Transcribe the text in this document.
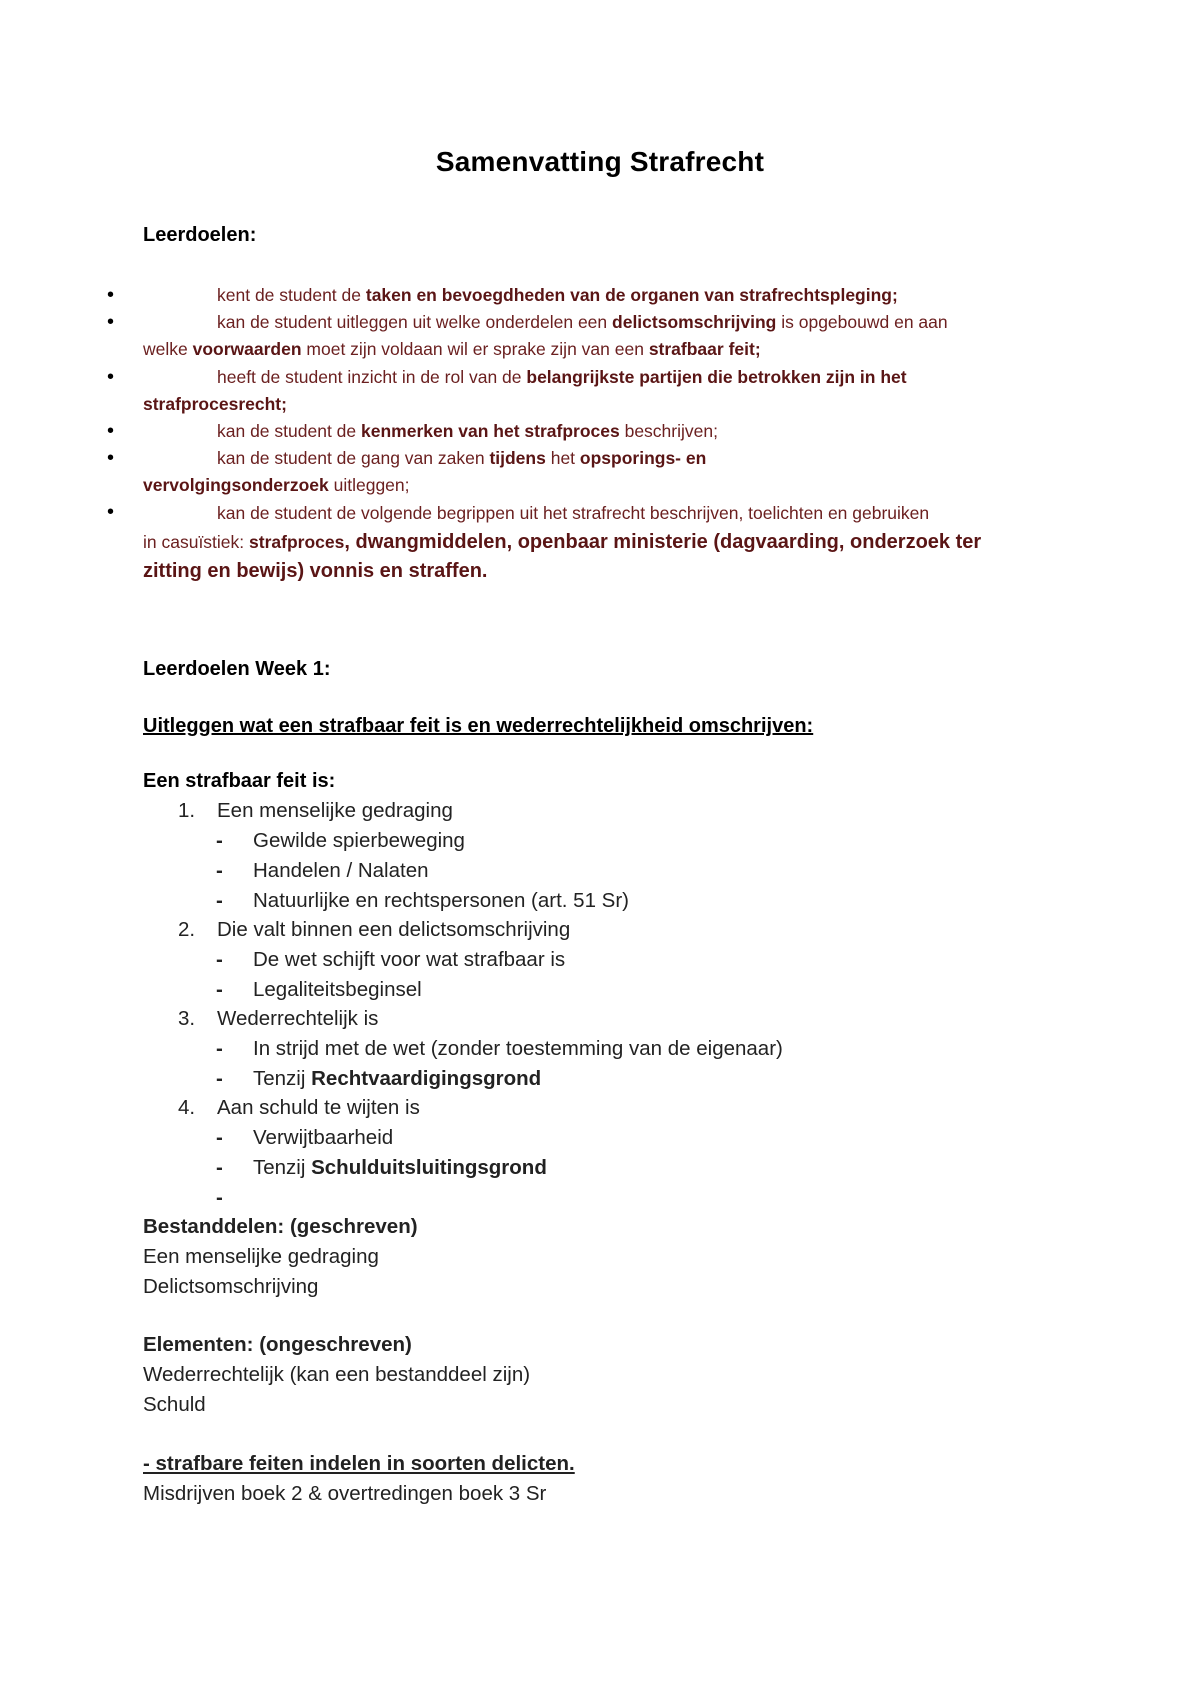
Samenvatting Strafrecht
Leerdoelen:
•	kent de student de taken en bevoegdheden van de organen van strafrechtspleging;
•	kan de student uitleggen uit welke onderdelen een delictsomschrijving is opgebouwd en aan
welke voorwaarden moet zijn voldaan wil er sprake zijn van een strafbaar feit;
•	heeft de student inzicht in de rol van de belangrijkste partijen die betrokken zijn in het
strafprocesrecht;
•	kan de student de kenmerken van het strafproces beschrijven;
•	kan de student de gang van zaken tijdens het opsporings- en
vervolgingsonderzoek uitleggen;
•	kan de student de volgende begrippen uit het strafrecht beschrijven, toelichten en gebruiken
in casuïstiek: strafproces, dwangmiddelen, openbaar ministerie (dagvaarding, onderzoek ter
zitting en bewijs) vonnis en straffen.
Leerdoelen Week 1:
Uitleggen wat een strafbaar feit is en wederrechtelijkheid omschrijven:
Een strafbaar feit is:
1. Een menselijke gedraging
- Gewilde spierbeweging
- Handelen / Nalaten
- Natuurlijke en rechtspersonen (art. 51 Sr)
2. Die valt binnen een delictsomschrijving
- De wet schijft voor wat strafbaar is
- Legaliteitsbeginsel
3. Wederrechtelijk is
- In strijd met de wet (zonder toestemming van de eigenaar)
- Tenzij Rechtvaardigingsgrond
4. Aan schuld te wijten is
- Verwijtbaarheid
- Tenzij Schulduitsluitingsgrond
-
Bestanddelen: (geschreven)
Een menselijke gedraging
Delictsomschrijving
Elementen: (ongeschreven)
Wederrechtelijk (kan een bestanddeel zijn)
Schuld
- strafbare feiten indelen in soorten delicten.
Misdrijven boek 2 & overtredingen boek 3 Sr
